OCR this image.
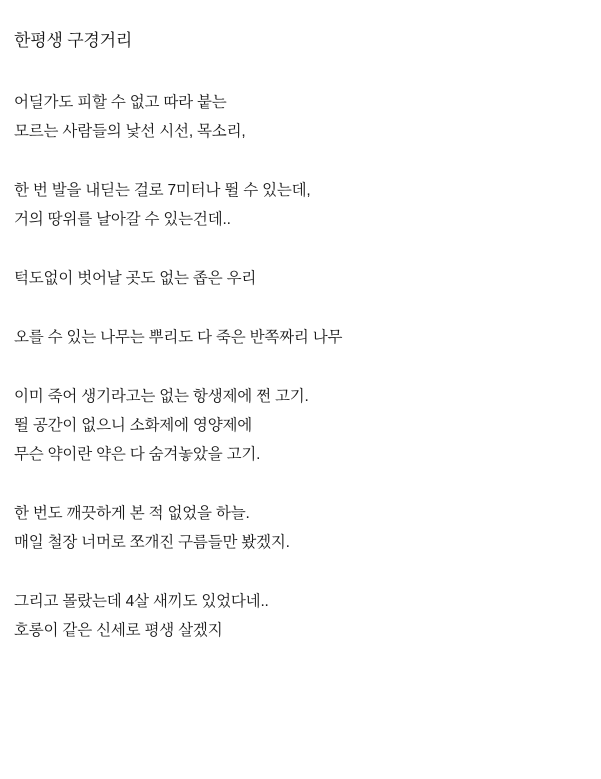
한평생 구경거리
어딜가도 피할 수 없고 따라 붙는
모르는 사람들의 낯선 시선, 목소리,
한 번 발을 내딛는 걸로 7미터나 뛸 수 있는데,
거의 땅위를 날아갈 수 있는건데..
턱도없이 벗어날 곳도 없는 좁은 우리
오를 수 있는 나무는 뿌리도 다 죽은 반쪽짜리 나무
이미 죽어 생기라고는 없는 항생제에 쩐 고기.
뛸 공간이 없으니 소화제에 영양제에
무슨 약이란 약은 다 숨겨놓았을 고기.
한 번도 깨끗하게 본 적 없었을 하늘.
매일 철장 너머로 쪼개진 구름들만 봤겠지.
그리고 몰랐는데 4살 새끼도 있었다네..
호롱이 같은 신세로 평생 살겠지
